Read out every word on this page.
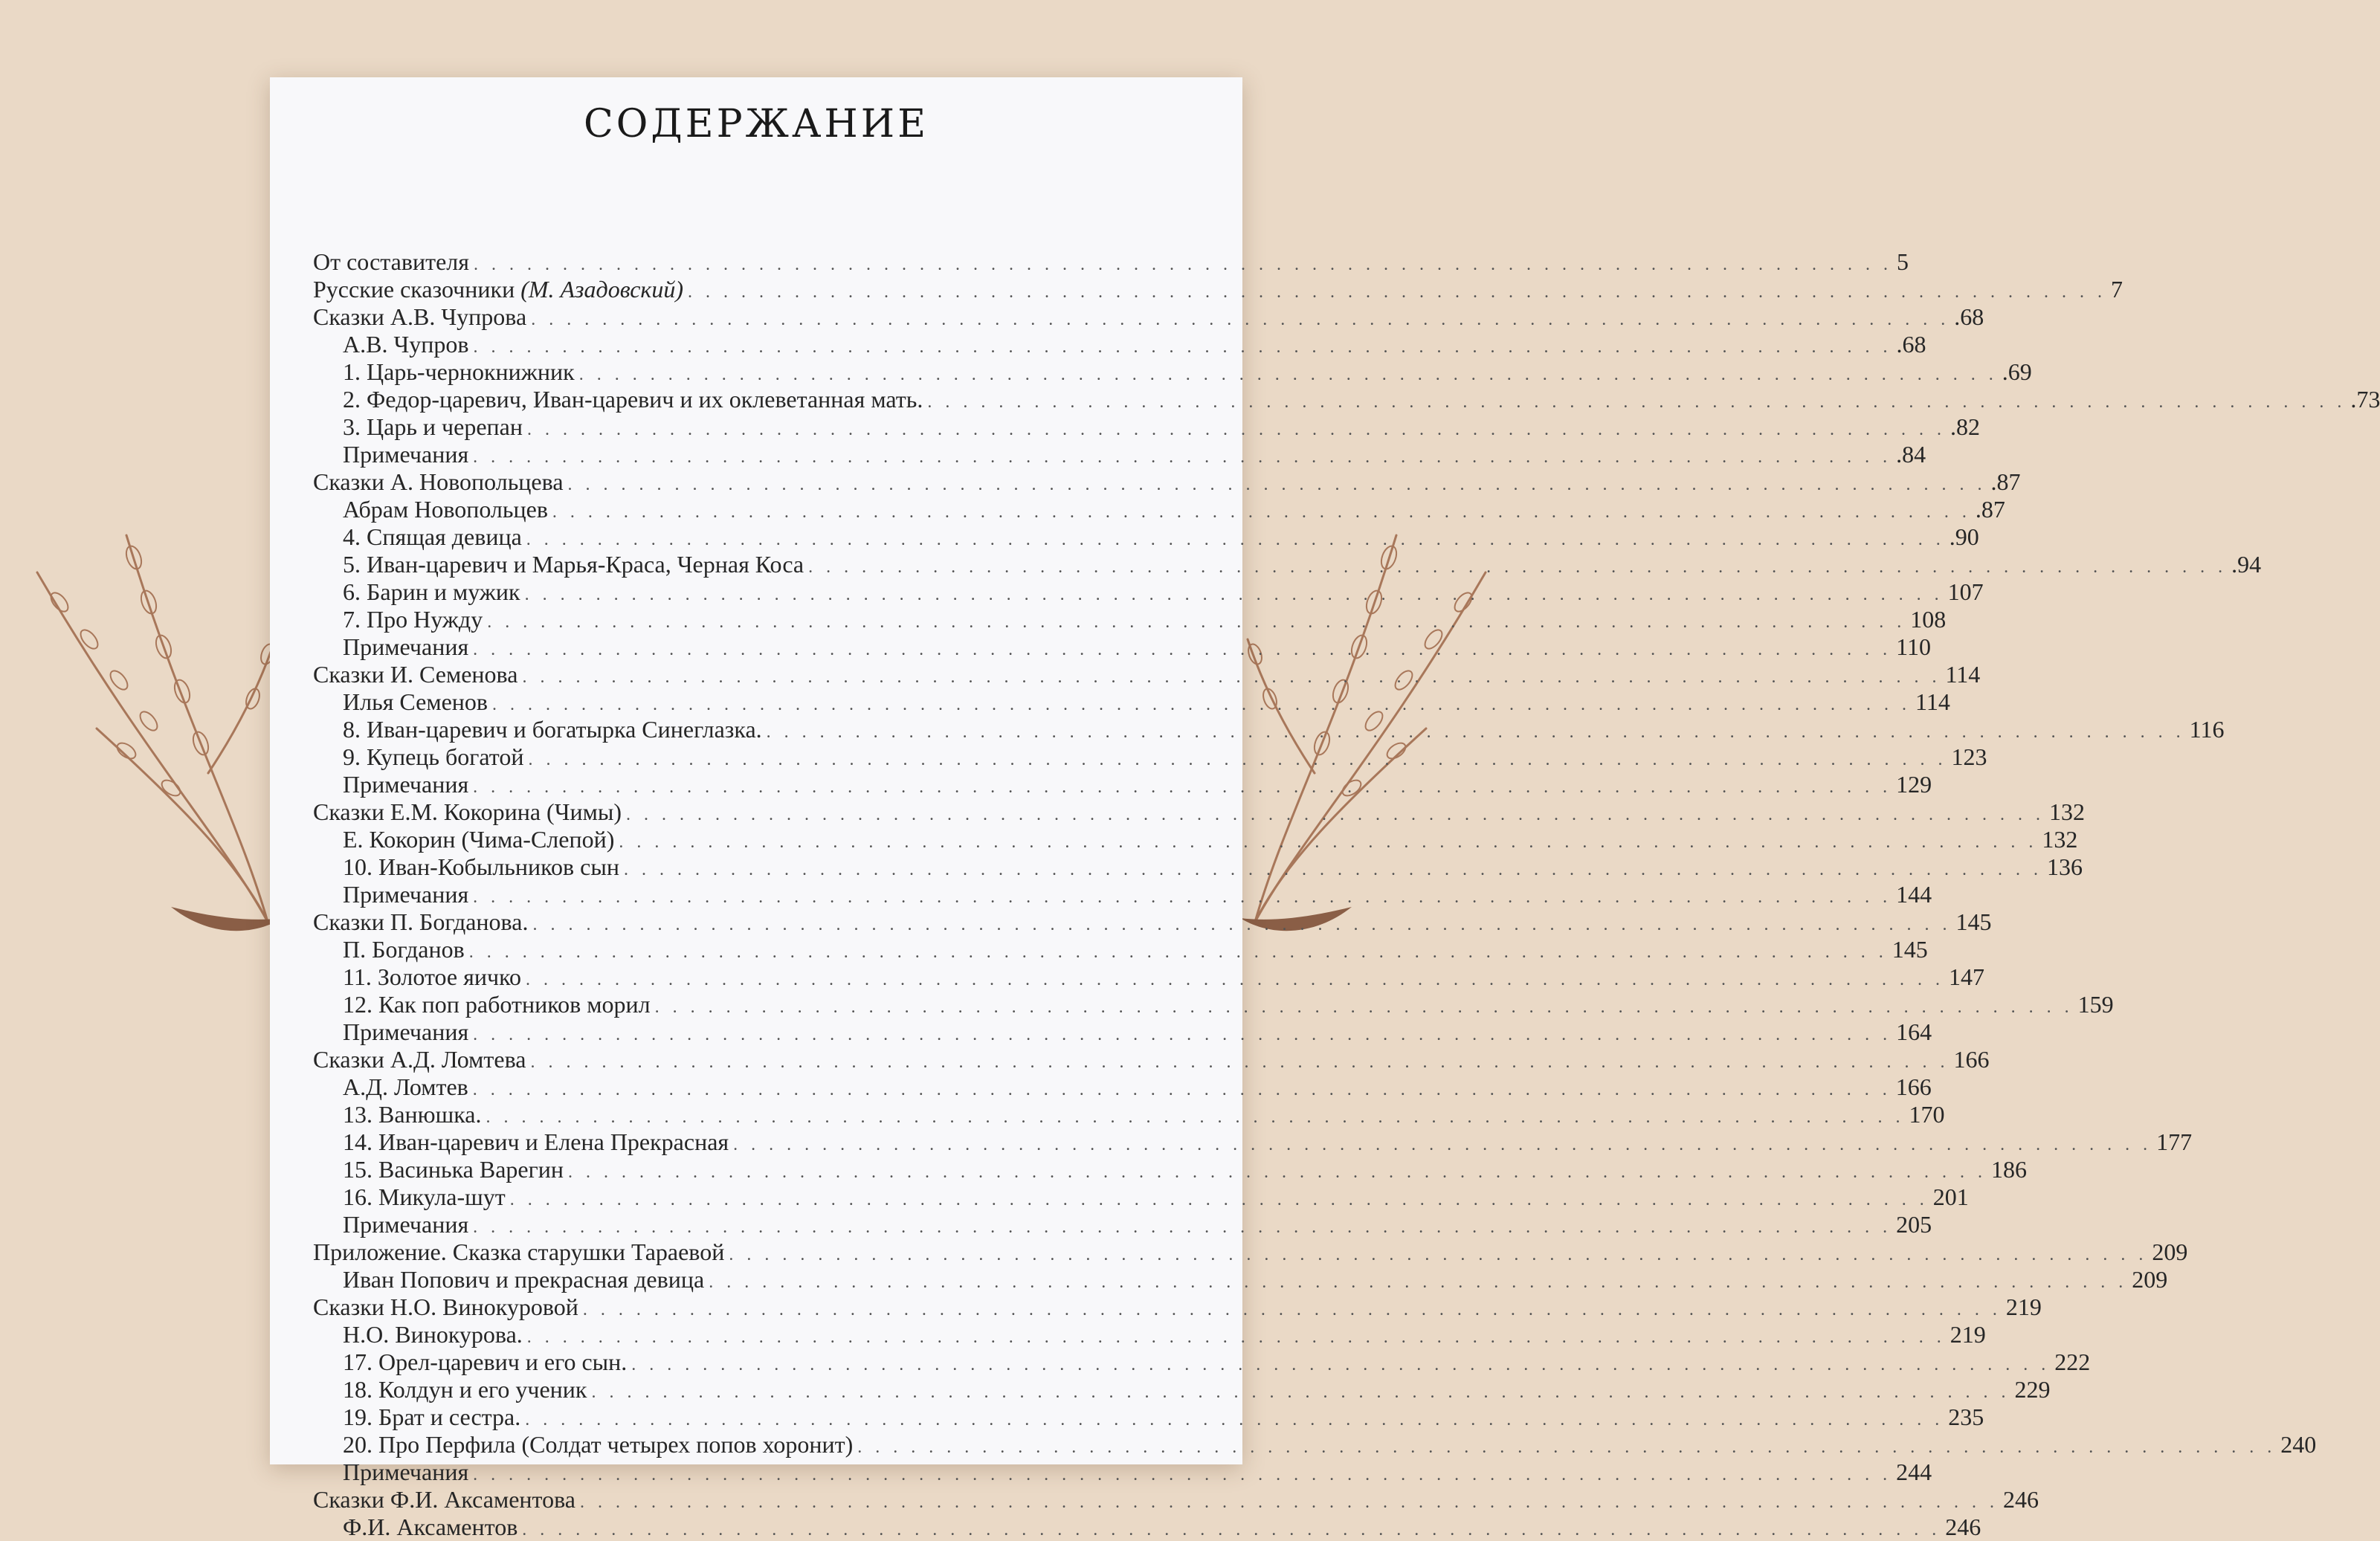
СОДЕРЖАНИЕ
От составителя . . .	5
Русские сказочники (М. Азадовский) . . .	7
Сказки А.В. Чупрова . . .	.68
А.В. Чупров . . .	.68
1. Царь-чернокнижник . . .	.69
2. Федор-царевич, Иван-царевич и их оклеветанная мать. . . .	.73
3. Царь и черепан . . .	.82
Примечания . . .	.84
Сказки А. Новопольцева . . .	.87
Абрам Новопольцев . . .	.87
4. Спящая девица . . .	.90
5. Иван-царевич и Марья-Краса, Черная Коса . . .	.94
6. Барин и мужик . . .	107
7. Про Нужду . . .	108
Примечания . . .	110
Сказки И. Семенова . . .	114
Илья Семенов . . .	114
8. Иван-царевич и богатырка Синеглазка. . . .	116
9. Купець богатой . . .	123
Примечания . . .	129
Сказки Е.М. Кокорина (Чимы) . . .	132
Е. Кокорин (Чима-Слепой) . . .	132
10. Иван-Кобыльников сын . . .	136
Примечания . . .	144
Сказки П. Богданова. . . .	145
П. Богданов . . .	145
11. Золотое яичко . . .	147
12. Как поп работников морил . . .	159
Примечания . . .	164
Сказки А.Д. Ломтева . . .	166
А.Д. Ломтев . . .	166
13. Ванюшка. . . .	170
14. Иван-царевич и Елена Прекрасная . . .	177
15. Васинька Варегин . . .	186
16. Микула-шут . . .	201
Примечания . . .	205
Приложение. Сказка старушки Тараевой . . .	209
Иван Попович и прекрасная девица . . .	209
Сказки Н.О. Винокуровой . . .	219
Н.О. Винокурова. . . .	219
17. Орел-царевич и его сын. . . .	222
18. Колдун и его ученик . . .	229
19. Брат и сестра. . . .	235
20. Про Перфила (Солдат четырех попов хоронит) . . .	240
Примечания . . .	244
Сказки Ф.И. Аксаментова . . .	246
Ф.И. Аксаментов . . .	246
